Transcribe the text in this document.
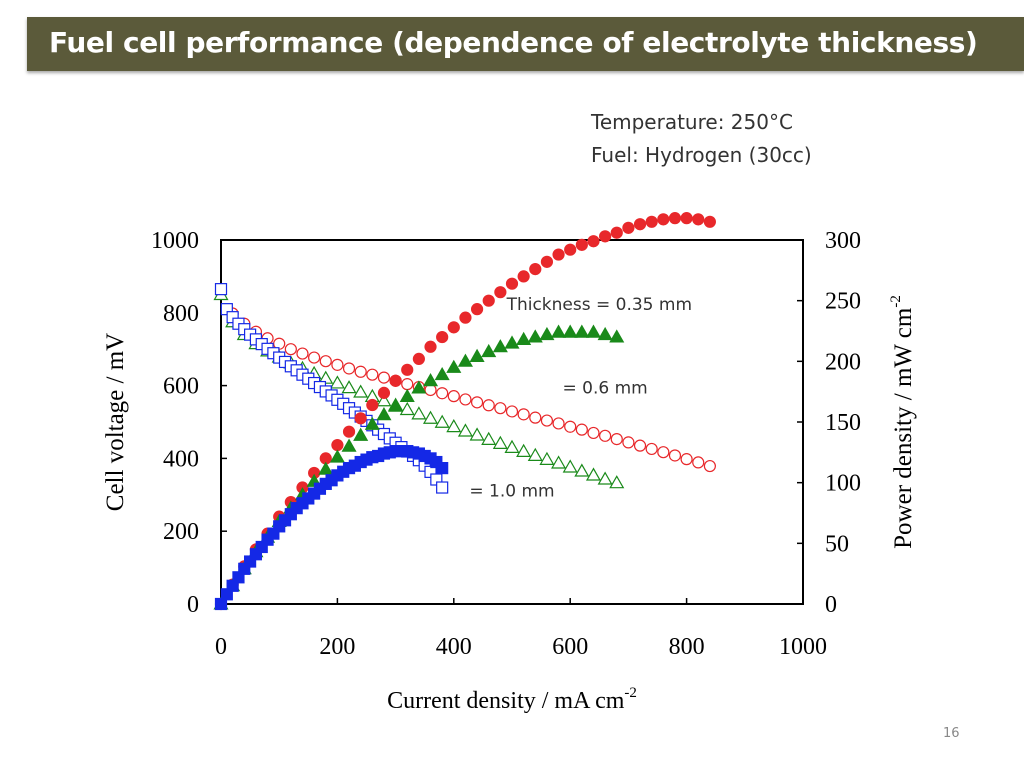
Fuel cell performance (dependence of electrolyte thickness)
Temperature: 250°C
Fuel: Hydrogen (30cc)
0	200	400	600	800	1000
0
200
400
600
800
1000
0
50
100
150
200
250
300
Thickness = 0.35 mm
= 0.6 mm
= 1.0 mm
Current density / mA $cm^{-2}$
Cell voltage / mV	Power density / mW $cm^{-2}$
16
